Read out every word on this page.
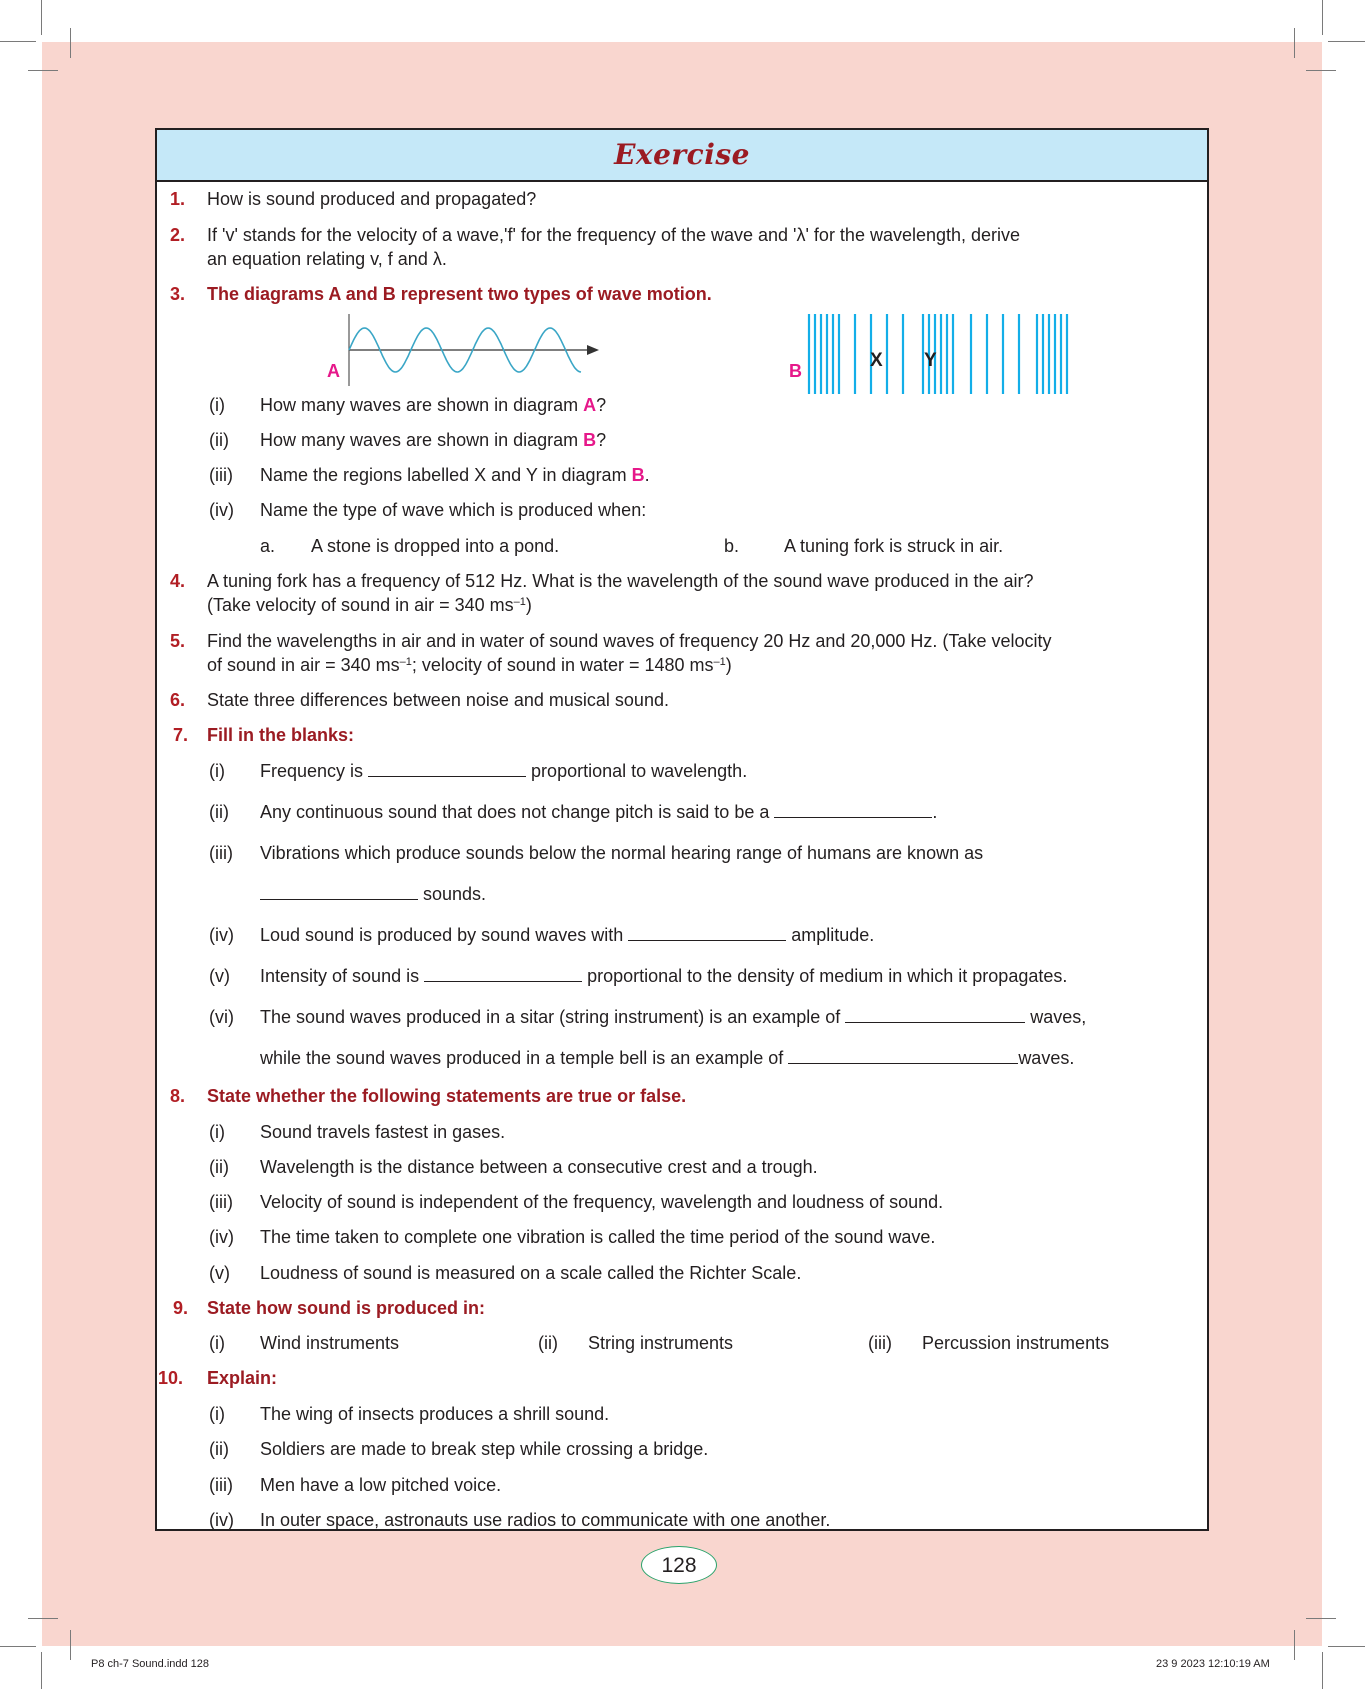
Exercise
1. How is sound produced and propagated?
2. If 'v' stands for the velocity of a wave,'f' for the frequency of the wave and 'λ' for the wavelength, derive
an equation relating v, f and λ.
3. The diagrams A and B represent two types of wave motion.
A	B	X Y
(i) How many waves are shown in diagram A?
(ii) How many waves are shown in diagram B?
(iii) Name the regions labelled X and Y in diagram B.
(iv) Name the type of wave which is produced when:
a. A stone is dropped into a pond.	b. A tuning fork is struck in air.
4. A tuning fork has a frequency of 512 Hz. What is the wavelength of the sound wave produced in the air?
(Take velocity of sound in air = 340 $ms^{-1}$)
5. Find the wavelengths in air and in water of sound waves of frequency 20 Hz and 20,000 Hz. (Take velocity
of sound in air = 340 $ms^{-1}$; velocity of sound in water = 1480 $ms^{-1}$)
6. State three differences between noise and musical sound.
7. Fill in the blanks:
(i) Frequency is	proportional to wavelength.
(ii) Any continuous sound that does not change pitch is said to be a	.
(iii) Vibrations which produce sounds below the normal hearing range of humans are known as
sounds.
(iv) Loud sound is produced by sound waves with	amplitude.
(v) Intensity of sound is	proportional to the density of medium in which it propagates.
(vi) The sound waves produced in a sitar (string instrument) is an example of	waves,
while the sound waves produced in a temple bell is an example of	waves.
8. State whether the following statements are true or false.
(i) Sound travels fastest in gases.
(ii) Wavelength is the distance between a consecutive crest and a trough.
(iii) Velocity of sound is independent of the frequency, wavelength and loudness of sound.
(iv) The time taken to complete one vibration is called the time period of the sound wave.
(v) Loudness of sound is measured on a scale called the Richter Scale.
9. State how sound is produced in:
(i) Wind instruments	(ii) String instruments	(iii) Percussion instruments
10. Explain:
(i) The wing of insects produces a shrill sound.
(ii) Soldiers are made to break step while crossing a bridge.
(iii) Men have a low pitched voice.
(iv) In outer space, astronauts use radios to communicate with one another.
128
P8 ch-7 Sound.indd 128	23 9 2023 12:10:19 AM
